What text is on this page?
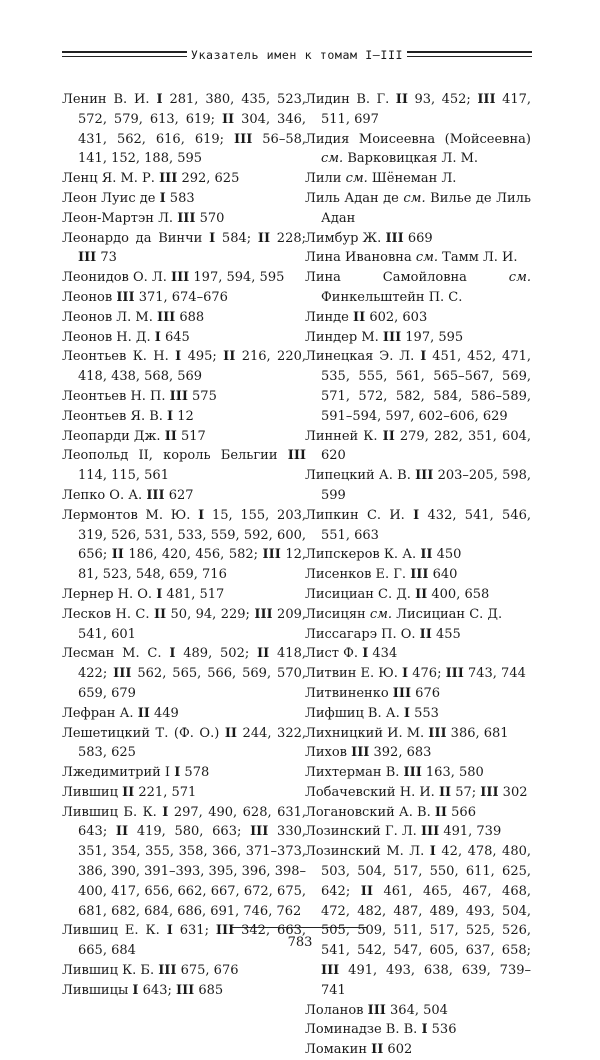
Указатель имен к томам I–III
Ленин В. И. I 281, 380, 435, 523, 572, 579, 613, 619; II 304, 346, 431, 562, 616, 619; III 56–58, 141, 152, 188, 595
Ленц Я. М. Р. III 292, 625
Леон Луис де I 583
Леон-Мартэн Л. III 570
Леонардо да Винчи I 584; II 228; III 73
Леонидов О. Л. III 197, 594, 595
Леонов III 371, 674–676
Леонов Л. М. III 688
Леонов Н. Д. I 645
Леонтьев К. Н. I 495; II 216, 220, 418, 438, 568, 569
Леонтьев Н. П. III 575
Леонтьев Я. В. I 12
Леопарди Дж. II 517
Леопольд II, король Бельгии III 114, 115, 561
Лепко О. А. III 627
Лермонтов М. Ю. I 15, 155, 203, 319, 526, 531, 533, 559, 592, 600, 656; II 186, 420, 456, 582; III 12, 81, 523, 548, 659, 716
Лернер Н. О. I 481, 517
Лесков Н. С. II 50, 94, 229; III 209, 541, 601
Лесман М. С. I 489, 502; II 418, 422; III 562, 565, 566, 569, 570, 659, 679
Лефран А. II 449
Лешетицкий Т. (Ф. О.) II 244, 322, 583, 625
Лжедимитрий I I 578
Лившиц II 221, 571
Лившиц Б. К. I 297, 490, 628, 631, 643; II 419, 580, 663; III 330, 351, 354, 355, 358, 366, 371–373, 386, 390, 391–393, 395, 396, 398–400, 417, 656, 662, 667, 672, 675, 681, 682, 684, 686, 691, 746, 762
Лившиц Е. К. I 631; III 342, 663, 665, 684
Лившиц К. Б. III 675, 676
Лившицы I 643; III 685
Лидин В. Г. II 93, 452; III 417, 511, 697
Лидия Моисеевна (Мойсеевна) см. Варковицкая Л. М.
Лили см. Шёнеман Л.
Лиль Адан де см. Вилье де Лиль Адан
Лимбур Ж. III 669
Лина Ивановна см. Тамм Л. И.
Лина Самойловна см. Финкельштейн П. С.
Линде II 602, 603
Линдер М. III 197, 595
Линецкая Э. Л. I 451, 452, 471, 535, 555, 561, 565–567, 569, 571, 572, 582, 584, 586–589, 591–594, 597, 602–606, 629
Линней К. II 279, 282, 351, 604, 620
Липецкий А. В. III 203–205, 598, 599
Липкин С. И. I 432, 541, 546, 551, 663
Липскеров К. А. II 450
Лисенков Е. Г. III 640
Лисициан С. Д. II 400, 658
Лисицян см. Лисициан С. Д.
Лиссагарэ П. О. II 455
Лист Ф. I 434
Литвин Е. Ю. I 476; III 743, 744
Литвиненко III 676
Лифшиц В. А. I 553
Лихницкий И. М. III 386, 681
Лихов III 392, 683
Лихтерман В. III 163, 580
Лобачевский Н. И. II 57; III 302
Логановский А. В. II 566
Лозинский Г. Л. III 491, 739
Лозинский М. Л. I 42, 478, 480, 503, 504, 517, 550, 611, 625, 642; II 461, 465, 467, 468, 472, 482, 487, 489, 493, 504, 505, 509, 511, 517, 525, 526, 541, 542, 547, 605, 637, 658; III 491, 493, 638, 639, 739–741
Лоланов III 364, 504
Ломинадзе В. В. I 536
Ломакин II 602
783
